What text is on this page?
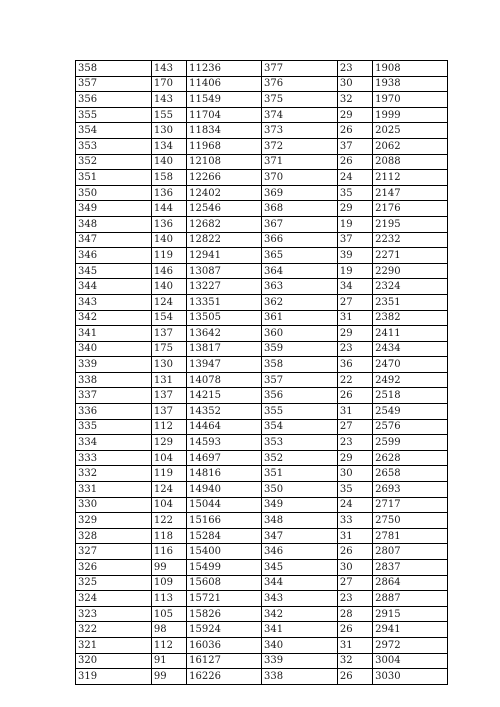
358	143	11236	377	23	1908
357	170	11406	376	30	1938
356	143	11549	375	32	1970
355	155	11704	374	29	1999
354	130	11834	373	26	2025
353	134	11968	372	37	2062
352	140	12108	371	26	2088
351	158	12266	370	24	2112
350	136	12402	369	35	2147
349	144	12546	368	29	2176
348	136	12682	367	19	2195
347	140	12822	366	37	2232
346	119	12941	365	39	2271
345	146	13087	364	19	2290
344	140	13227	363	34	2324
343	124	13351	362	27	2351
342	154	13505	361	31	2382
341	137	13642	360	29	2411
340	175	13817	359	23	2434
339	130	13947	358	36	2470
338	131	14078	357	22	2492
337	137	14215	356	26	2518
336	137	14352	355	31	2549
335	112	14464	354	27	2576
334	129	14593	353	23	2599
333	104	14697	352	29	2628
332	119	14816	351	30	2658
331	124	14940	350	35	2693
330	104	15044	349	24	2717
329	122	15166	348	33	2750
328	118	15284	347	31	2781
327	116	15400	346	26	2807
326	99	15499	345	30	2837
325	109	15608	344	27	2864
324	113	15721	343	23	2887
323	105	15826	342	28	2915
322	98	15924	341	26	2941
321	112	16036	340	31	2972
320	91	16127	339	32	3004
319	99	16226	338	26	3030
